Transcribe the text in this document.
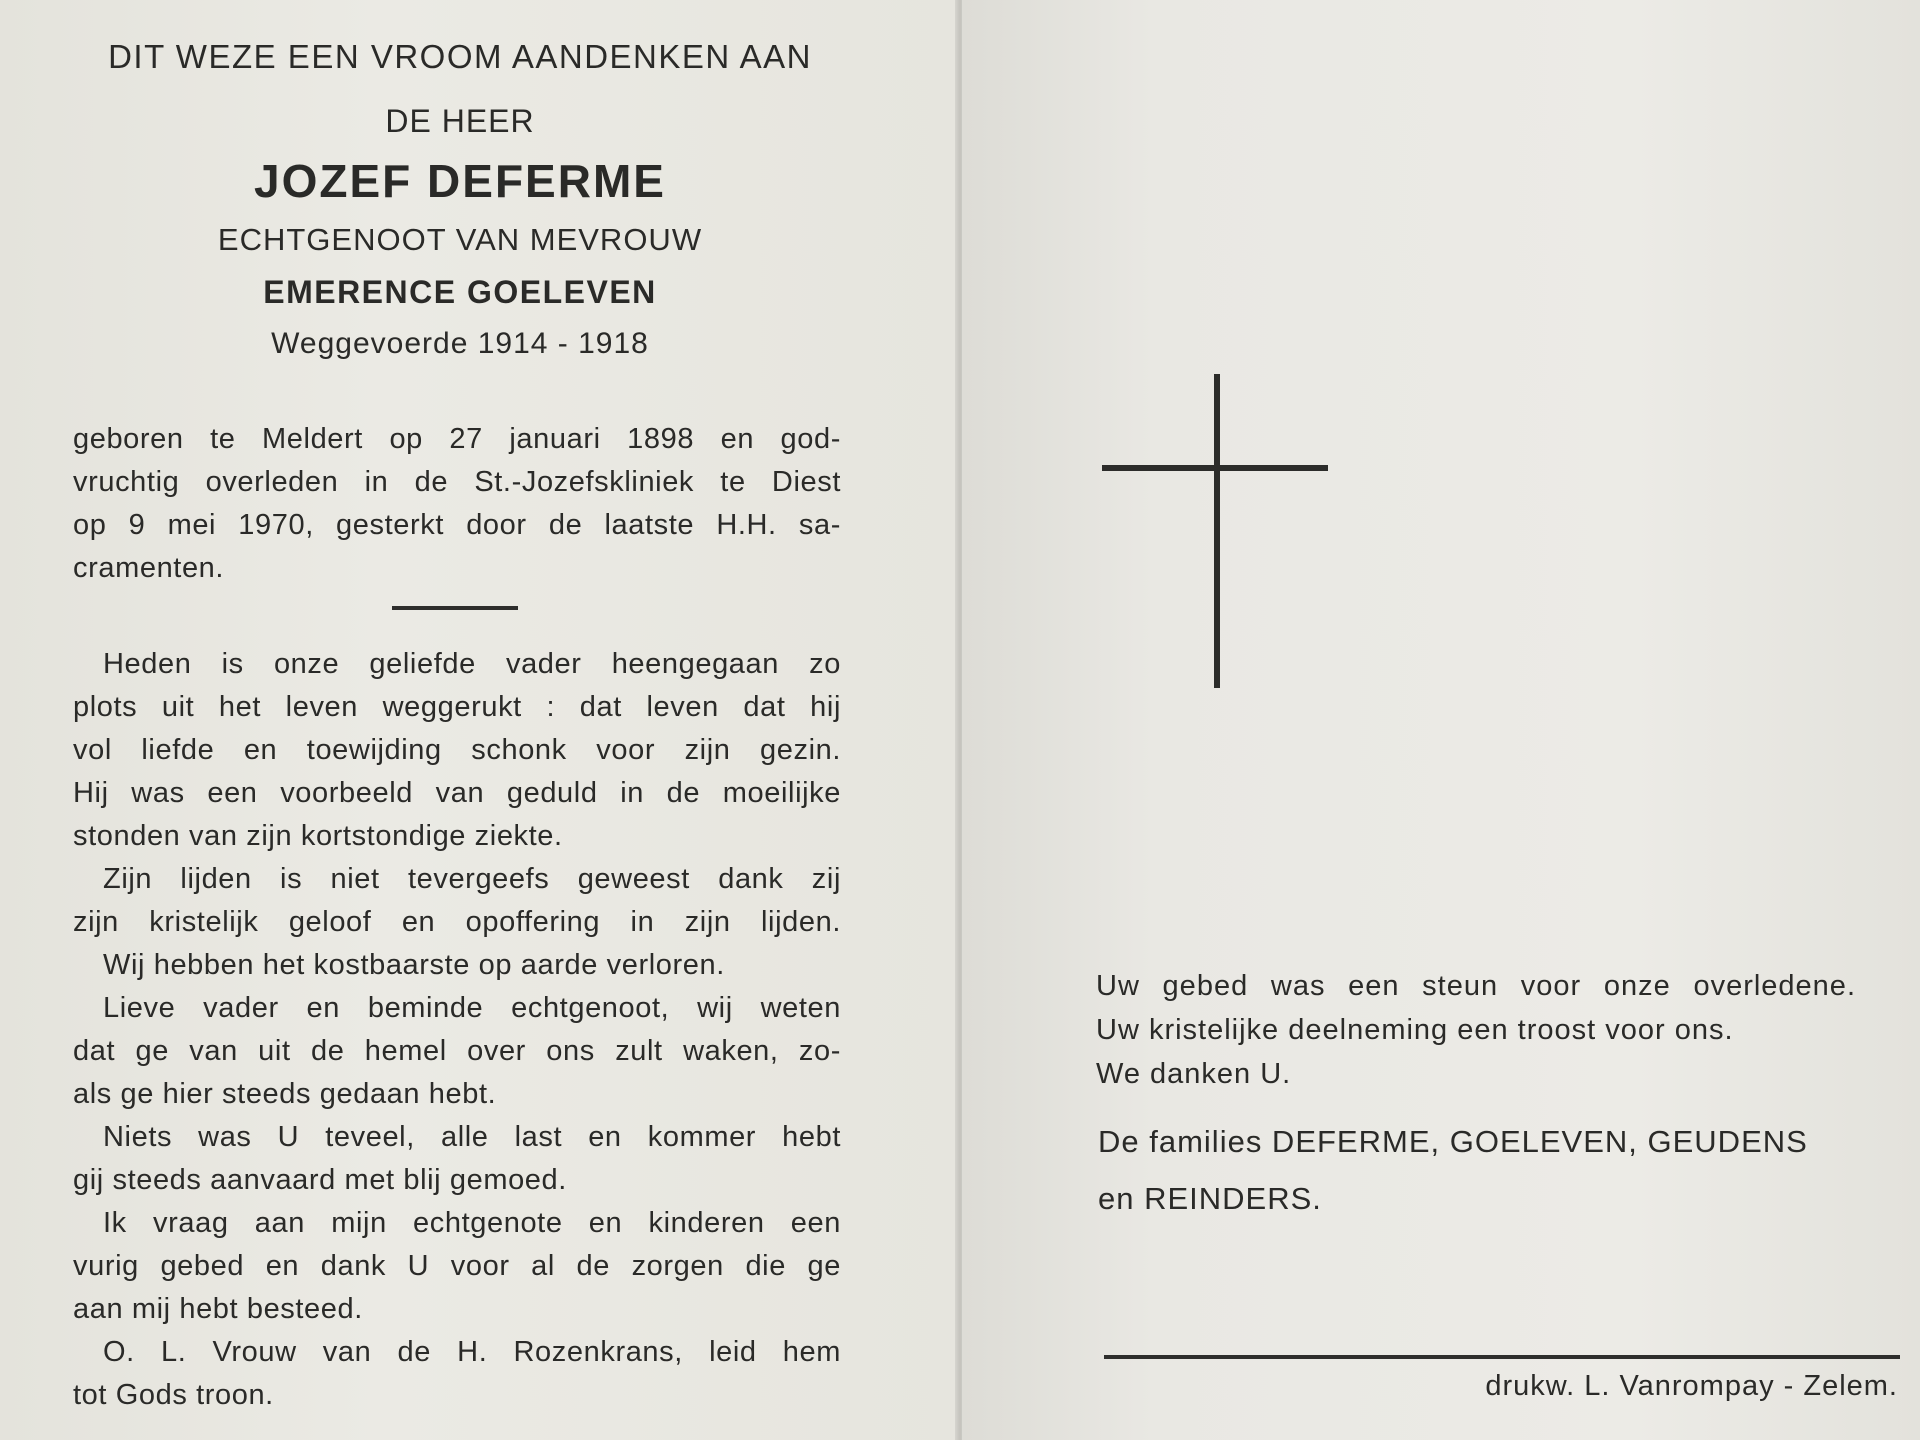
DIT WEZE EEN VROOM AANDENKEN AAN
DE HEER
JOZEF DEFERME
ECHTGENOOT VAN MEVROUW
EMERENCE GOELEVEN
Weggevoerde 1914 - 1918
geboren te Meldert op 27 januari 1898 en god-
vruchtig overleden in de St.-Jozefskliniek te Diest
op 9 mei 1970, gesterkt door de laatste H.H. sa-
cramenten.
Heden is onze geliefde vader heengegaan zo
plots uit het leven weggerukt : dat leven dat hij
vol liefde en toewijding schonk voor zijn gezin.
Hij was een voorbeeld van geduld in de moeilijke
stonden van zijn kortstondige ziekte.
Zijn lijden is niet tevergeefs geweest dank zij
zijn kristelijk geloof en opoffering in zijn lijden.
Wij hebben het kostbaarste op aarde verloren.
Lieve vader en beminde echtgenoot, wij weten
dat ge van uit de hemel over ons zult waken, zo-
als ge hier steeds gedaan hebt.
Niets was U teveel, alle last en kommer hebt
gij steeds aanvaard met blij gemoed.
Ik vraag aan mijn echtgenote en kinderen een
vurig gebed en dank U voor al de zorgen die ge
aan mij hebt besteed.
O. L. Vrouw van de H. Rozenkrans, leid hem
tot Gods troon.
Uw gebed was een steun voor onze overledene.
Uw kristelijke deelneming een troost voor ons.
We danken U.
De families DEFERME, GOELEVEN, GEUDENS
en REINDERS.
drukw. L. Vanrompay - Zelem.
